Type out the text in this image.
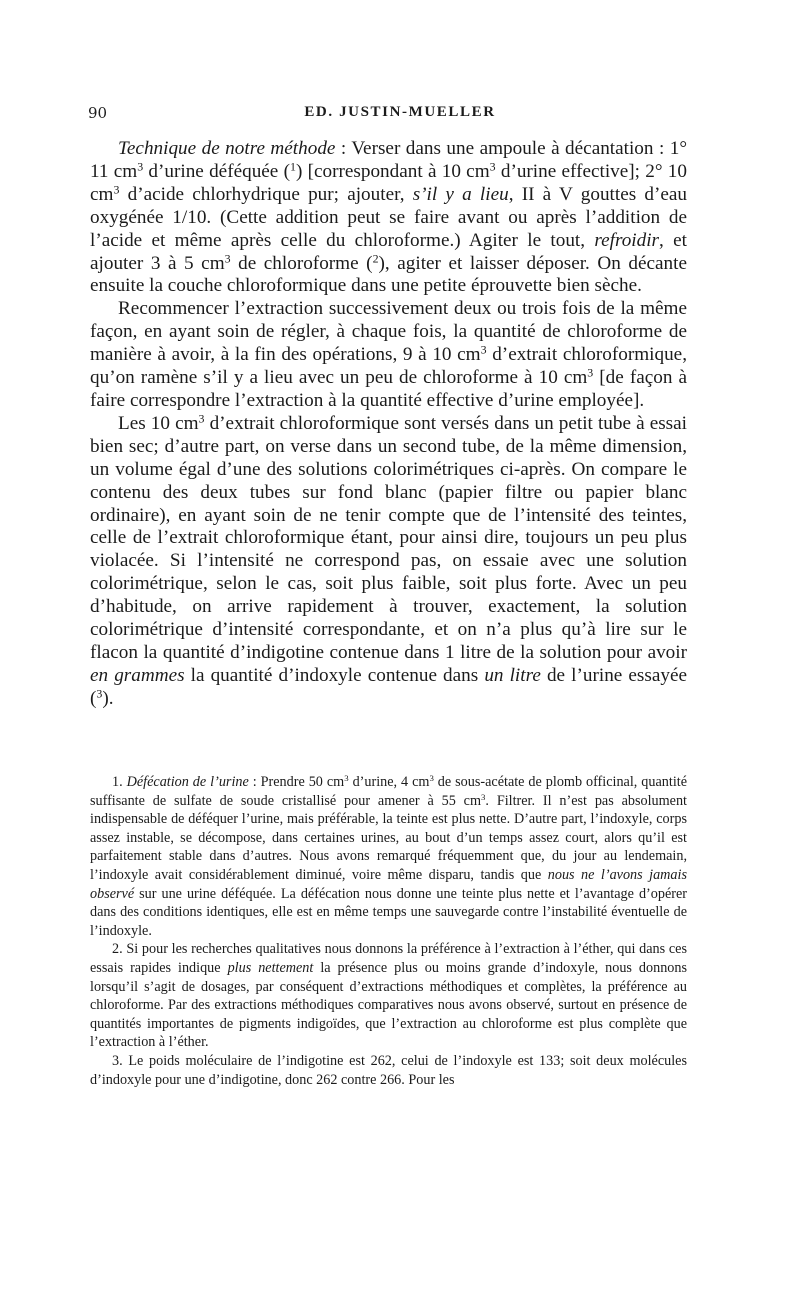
90	ED. JUSTIN-MUELLER

Technique de notre méthode : Verser dans une ampoule à décantation : 1° 11 $cm^3$ d’urine déféquée ($^1$) [correspondant à 10 $cm^3$ d’urine effective]; 2° 10 $cm^3$ d’acide chlorhydrique pur; ajouter, s’il y a lieu, II à V gouttes d’eau oxygénée 1/10. (Cette addition peut se faire avant ou après l’addition de l’acide et même après celle du chloroforme.) Agiter le tout, refroidir, et ajouter 3 à 5 $cm^3$ de chloroforme ($^2$), agiter et laisser déposer. On décante ensuite la couche chloroformique dans une petite éprouvette bien sèche.

Recommencer l’extraction successivement deux ou trois fois de la même façon, en ayant soin de régler, à chaque fois, la quantité de chloroforme de manière à avoir, à la fin des opérations, 9 à 10 $cm^3$ d’extrait chloroformique, qu’on ramène s’il y a lieu avec un peu de chloroforme à 10 $cm^3$ [de façon à faire correspondre l’extraction à la quantité effective d’urine employée].

Les 10 $cm^3$ d’extrait chloroformique sont versés dans un petit tube à essai bien sec; d’autre part, on verse dans un second tube, de la même dimension, un volume égal d’une des solutions colorimétriques ci-après. On compare le contenu des deux tubes sur fond blanc (papier filtre ou papier blanc ordinaire), en ayant soin de ne tenir compte que de l’intensité des teintes, celle de l’extrait chloroformique étant, pour ainsi dire, toujours un peu plus violacée. Si l’intensité ne correspond pas, on essaie avec une solution colorimétrique, selon le cas, soit plus faible, soit plus forte. Avec un peu d’habitude, on arrive rapidement à trouver, exactement, la solution colorimétrique d’intensité correspondante, et on n’a plus qu’à lire sur le flacon la quantité d’indigotine contenue dans 1 litre de la solution pour avoir en grammes la quantité d’indoxyle contenue dans un litre de l’urine essayée ($^3$).

1. Défécation de l’urine : Prendre 50 $cm^3$ d’urine, 4 $cm^3$ de sous-acétate de plomb officinal, quantité suffisante de sulfate de soude cristallisé pour amener à 55 $cm^3$. Filtrer. Il n’est pas absolument indispensable de déféquer l’urine, mais préférable, la teinte est plus nette. D’autre part, l’indoxyle, corps assez instable, se décompose, dans certaines urines, au bout d’un temps assez court, alors qu’il est parfaitement stable dans d’autres. Nous avons remarqué fréquemment que, du jour au lendemain, l’indoxyle avait considérablement diminué, voire même disparu, tandis que nous ne l’avons jamais observé sur une urine déféquée. La défécation nous donne une teinte plus nette et l’avantage d’opérer dans des conditions identiques, elle est en même temps une sauvegarde contre l’instabilité éventuelle de l’indoxyle.

2. Si pour les recherches qualitatives nous donnons la préférence à l’extraction à l’éther, qui dans ces essais rapides indique plus nettement la présence plus ou moins grande d’indoxyle, nous donnons lorsqu’il s’agit de dosages, par conséquent d’extractions méthodiques et complètes, la préférence au chloroforme. Par des extractions méthodiques comparatives nous avons observé, surtout en présence de quantités importantes de pigments indigoïdes, que l’extraction au chloroforme est plus complète que l’extraction à l’éther.

3. Le poids moléculaire de l’indigotine est 262, celui de l’indoxyle est 133; soit deux molécules d’indoxyle pour une d’indigotine, donc 262 contre 266. Pour les
